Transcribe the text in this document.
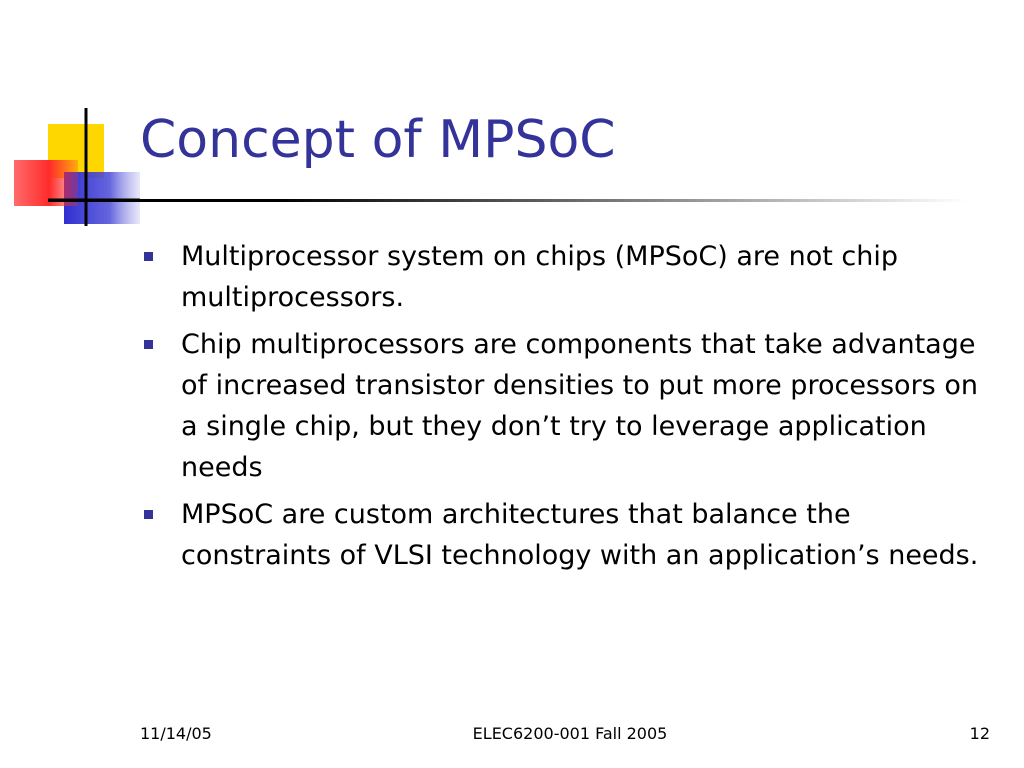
Concept of MPSoC
Multiprocessor system on chips (MPSoC) are not chip multiprocessors.
Chip multiprocessors are components that take advantage of increased transistor densities to put more processors on a single chip, but they don’t try to leverage application needs
MPSoC are custom architectures that balance the constraints of VLSI technology with an application’s needs.
11/14/05	ELEC6200-001 Fall 2005	12
